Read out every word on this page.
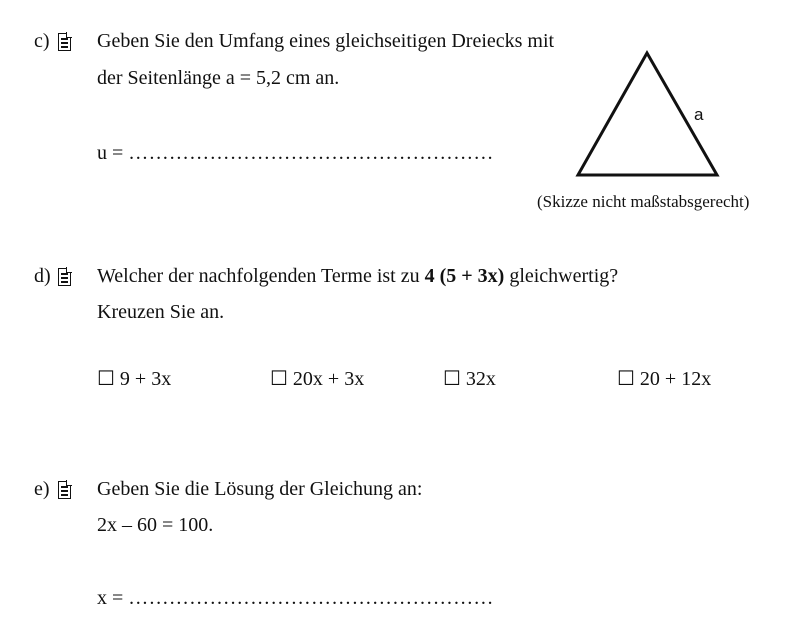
c) Geben Sie den Umfang eines gleichseitigen Dreiecks mit
der Seitenlänge a = 5,2 cm an.
u = ………………………………………………
a
(Skizze nicht maßstabsgerecht)
d) Welcher der nachfolgenden Terme ist zu 4 (5 + 3x) gleichwertig?
Kreuzen Sie an.
☐ 9 + 3x	☐ 20x + 3x	☐ 32x	☐ 20 + 12x
e) Geben Sie die Lösung der Gleichung an:
2x – 60 = 100.
x = ………………………………………………
